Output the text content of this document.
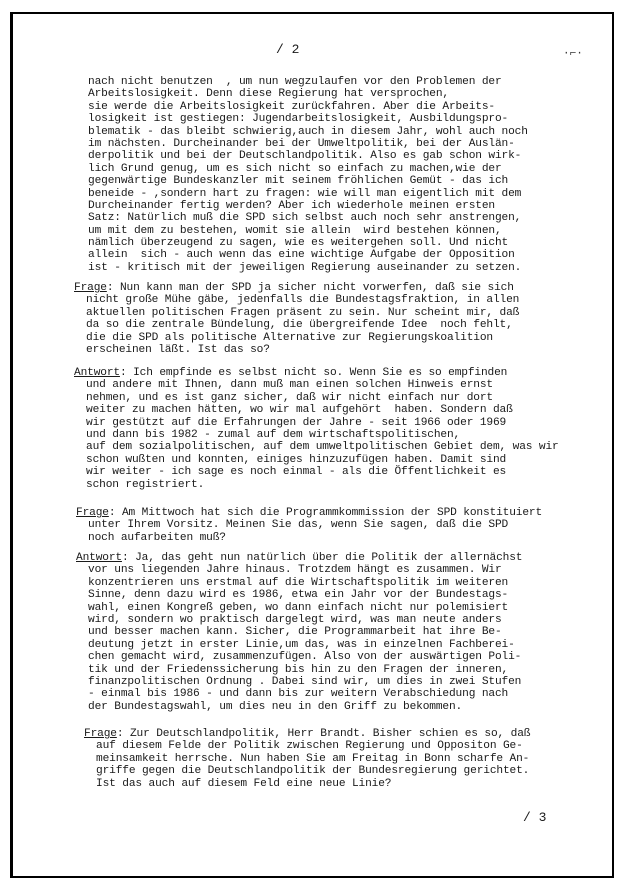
/ 2	·⌐·
nach nicht benutzen  , um nun wegzulaufen vor den Problemen der
Arbeitslosigkeit. Denn diese Regierung hat versprochen,
sie werde die Arbeitslosigkeit zurückfahren. Aber die Arbeits-
losigkeit ist gestiegen: Jugendarbeitslosigkeit, Ausbildungspro-
blematik - das bleibt schwierig,auch in diesem Jahr, wohl auch noch
im nächsten. Durcheinander bei der Umweltpolitik, bei der Auslän-
derpolitik und bei der Deutschlandpolitik. Also es gab schon wirk-
lich Grund genug, um es sich nicht so einfach zu machen,wie der
gegenwärtige Bundeskanzler mit seinem fröhlichen Gemüt - das ich
beneide - ,sondern hart zu fragen: wie will man eigentlich mit dem
Durcheinander fertig werden? Aber ich wiederhole meinen ersten
Satz: Natürlich muß die SPD sich selbst auch noch sehr anstrengen,
um mit dem zu bestehen, womit sie allein  wird bestehen können,
nämlich überzeugend zu sagen, wie es weitergehen soll. Und nicht
allein  sich - auch wenn das eine wichtige Aufgabe der Opposition
ist - kritisch mit der jeweiligen Regierung auseinander zu setzen.
Frage: Nun kann man der SPD ja sicher nicht vorwerfen, daß sie sich
nicht große Mühe gäbe, jedenfalls die Bundestagsfraktion, in allen
aktuellen politischen Fragen präsent zu sein. Nur scheint mir, daß
da so die zentrale Bündelung, die übergreifende Idee  noch fehlt,
die die SPD als politische Alternative zur Regierungskoalition
erscheinen läßt. Ist das so?
Antwort: Ich empfinde es selbst nicht so. Wenn Sie es so empfinden
und andere mit Ihnen, dann muß man einen solchen Hinweis ernst
nehmen, und es ist ganz sicher, daß wir nicht einfach nur dort
weiter zu machen hätten, wo wir mal aufgehört  haben. Sondern daß
wir gestützt auf die Erfahrungen der Jahre - seit 1966 oder 1969
und dann bis 1982 - zumal auf dem wirtschaftspolitischen,
auf dem sozialpolitischen, auf dem umweltpolitischen Gebiet dem, was wir
schon wußten und konnten, einiges hinzuzufügen haben. Damit sind
wir weiter - ich sage es noch einmal - als die Öffentlichkeit es
schon registriert.
Frage: Am Mittwoch hat sich die Programmkommission der SPD konstituiert
unter Ihrem Vorsitz. Meinen Sie das, wenn Sie sagen, daß die SPD
noch aufarbeiten muß?
Antwort: Ja, das geht nun natürlich über die Politik der allernächst
vor uns liegenden Jahre hinaus. Trotzdem hängt es zusammen. Wir
konzentrieren uns erstmal auf die Wirtschaftspolitik im weiteren
Sinne, denn dazu wird es 1986, etwa ein Jahr vor der Bundestags-
wahl, einen Kongreß geben, wo dann einfach nicht nur polemisiert
wird, sondern wo praktisch dargelegt wird, was man neute anders
und besser machen kann. Sicher, die Programmarbeit hat ihre Be-
deutung jetzt in erster Linie,um das, was in einzelnen Fachberei-
chen gemacht wird, zusammenzufügen. Also von der auswärtigen Poli-
tik und der Friedenssicherung bis hin zu den Fragen der inneren,
finanzpolitischen Ordnung . Dabei sind wir, um dies in zwei Stufen
- einmal bis 1986 - und dann bis zur weitern Verabschiedung nach
der Bundestagswahl, um dies neu in den Griff zu bekommen.
Frage: Zur Deutschlandpolitik, Herr Brandt. Bisher schien es so, daß
auf diesem Felde der Politik zwischen Regierung und Oppositon Ge-
meinsamkeit herrsche. Nun haben Sie am Freitag in Bonn scharfe An-
griffe gegen die Deutschlandpolitik der Bundesregierung gerichtet.
Ist das auch auf diesem Feld eine neue Linie?
/ 3
